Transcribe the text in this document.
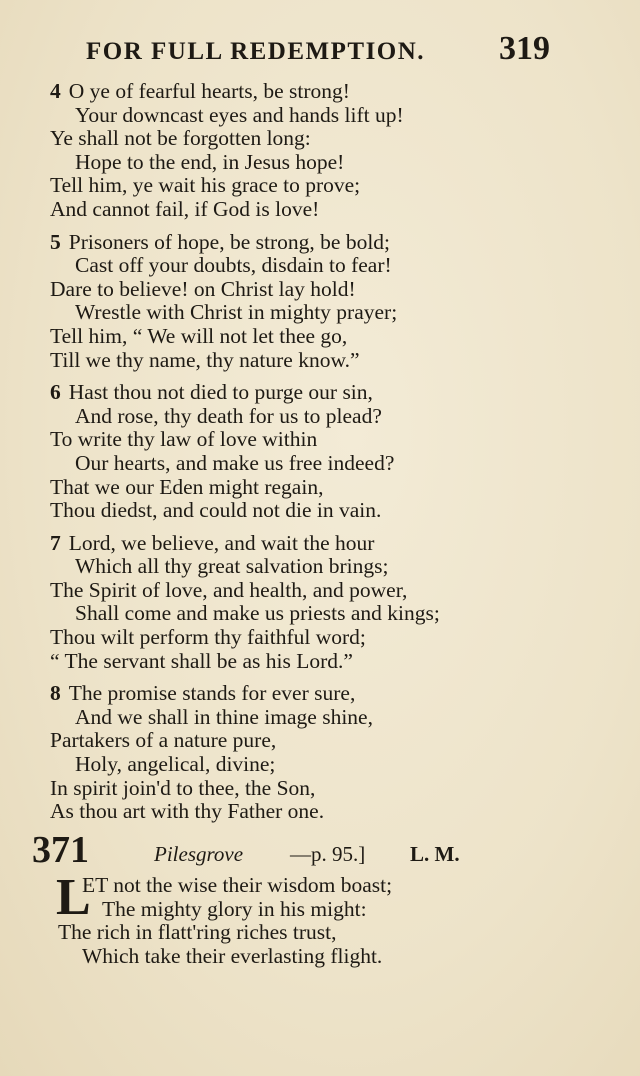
FOR FULL REDEMPTION. 319
4 O ye of fearful hearts, be strong!
Your downcast eyes and hands lift up!
Ye shall not be forgotten long:
Hope to the end, in Jesus hope!
Tell him, ye wait his grace to prove;
And cannot fail, if God is love!
5 Prisoners of hope, be strong, be bold;
Cast off your doubts, disdain to fear!
Dare to believe! on Christ lay hold!
Wrestle with Christ in mighty prayer;
Tell him, “ We will not let thee go,
Till we thy name, thy nature know.”
6 Hast thou not died to purge our sin,
And rose, thy death for us to plead?
To write thy law of love within
Our hearts, and make us free indeed?
That we our Eden might regain,
Thou diedst, and could not die in vain.
7 Lord, we believe, and wait the hour
Which all thy great salvation brings;
The Spirit of love, and health, and power,
Shall come and make us priests and kings;
Thou wilt perform thy faithful word;
“ The servant shall be as his Lord.”
8 The promise stands for ever sure,
And we shall in thine image shine,
Partakers of a nature pure,
Holy, angelical, divine;
In spirit join'd to thee, the Son,
As thou art with thy Father one.
371	Pilesgrove —p. 95.] L. M.
L
ET not the wise their wisdom boast;
The mighty glory in his might:
The rich in flatt'ring riches trust,
Which take their everlasting flight.
